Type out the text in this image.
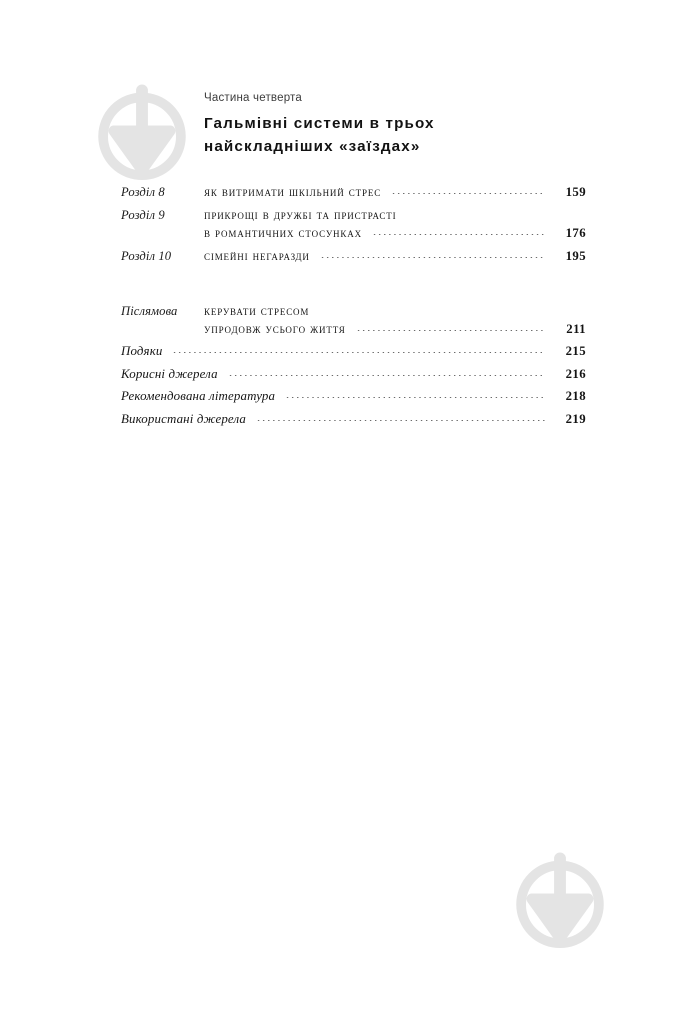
Частина четверта
Гальмівні системи в трьох
найскладніших «заїздах»
Розділ 8	як витримати шкільний стрес	159
Розділ 9	прикрощі в дружбі та пристрасті
в романтичних стосунках	176
Розділ 10	сімейні негаразди	195
Післямова	керувати стресом
упродовж усього життя	211
Подяки	215
Корисні джерела	216
Рекомендована література	218
Використані джерела	219
